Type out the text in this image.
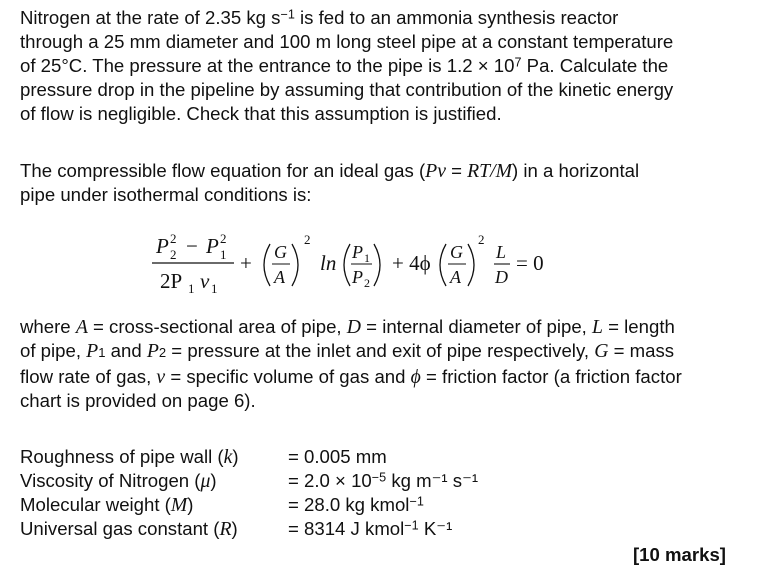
Nitrogen at the rate of 2.35 kg $s^{-1}$ is fed to an ammonia synthesis reactor
through a 25 mm diameter and 100 m long steel pipe at a constant temperature
of 25°C. The pressure at the entrance to the pipe is $1.2 \times 10^7$ Pa. Calculate the
pressure drop in the pipeline by assuming that contribution of the kinetic energy
of flow is negligible. Check that this assumption is justified.
The compressible flow equation for an ideal gas (Pv = RT/M) in a horizontal
pipe under isothermal conditions is:
P 2
2 − P 1
2
2P 1 v 1
+ G
A
2
ln P 1
P 2
+ 4ϕ G
A
2
L
D
= 0
where A = cross-sectional area of pipe, D = internal diameter of pipe, L = length
of pipe, P1 and P2 = pressure at the inlet and exit of pipe respectively, G = mass
flow rate of gas, v = specific volume of gas and ϕ = friction factor (a friction factor
chart is provided on page 6).
Roughness of pipe wall (k)	= 0.005 mm
Viscosity of Nitrogen (μ)	= $2.0 \times 10^{-5}$ kg m⁻¹ s⁻¹
Molecular weight (M)	= 28.0 kg kmol$^{-1}$
Universal gas constant (R)	= 8314 J kmol$^{-1}$ K⁻¹
[10 marks]
